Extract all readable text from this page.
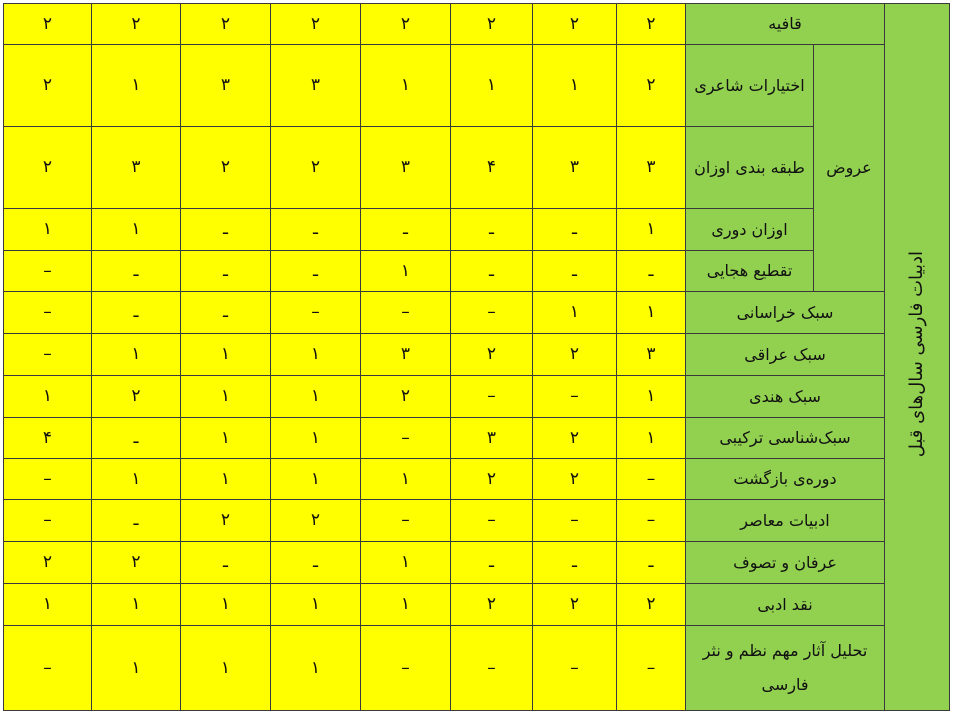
۲	۲	۲	۲	۲	۲	۲	۲	قافیه		ادبیات فارسی سال‌های قبل
۲	۱	۳	۳	۱	۱	۱	۲	اختیارات شاعری	عروض	
۲	۳	۲	۲	۳	۴	۳	۳	طبقه بندی اوزان		
۱	۱	ـ	ـ	ـ	ـ	ـ	۱	اوزان دوری		
–	ـ	ـ	ـ	۱	ـ	ـ	ـ	تقطیع هجایی		
–	ـ	ـ	–	–	–	۱	۱	سبک خراسانی		
–	۱	۱	۱	۳	۲	۲	۳	سبک عراقی		
۱	۲	۱	۱	۲	–	–	۱	سبک هندی		
۴	ـ	۱	۱	–	۳	۲	۱	سبک‌شناسی ترکیبی		
–	۱	۱	۱	۱	۲	۲	–	دوره‌ی بازگشت		
–	ـ	۲	۲	–	–	–	–	ادبیات معاصر		
۲	۲	ـ	ـ	۱	ـ	ـ	ـ	عرفان و تصوف		
۱	۱	۱	۱	۱	۲	۲	۲	نقد ادبی		
–	۱	۱	۱	–	–	–	–	تحلیل آثار مهم نظم و نثر فارسی		
